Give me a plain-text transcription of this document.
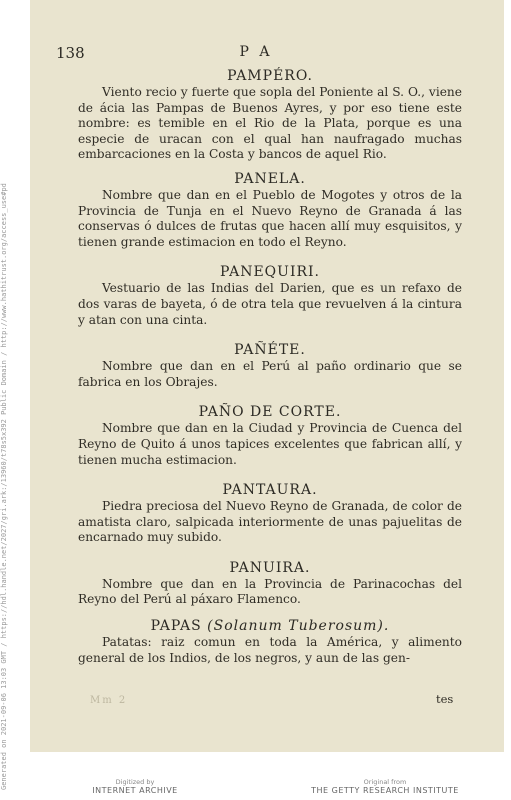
Generated on 2021-09-06 13:03 GMT / https://hdl.handle.net/2027/gri.ark:/13960/t78s5x392 Public Domain / http://www.hathitrust.org/access_use#pd
138	P A
PAMPÉRO.
Viento recio y fuerte que sopla del Poniente al S. O., viene de ácia las Pampas de Buenos Ayres, y por eso tiene este nombre: es temible en el Rio de la Plata, porque es una especie de uracan con el qual han naufragado muchas embarcaciones en la Costa y bancos de aquel Rio.
PANELA.
Nombre que dan en el Pueblo de Mogotes y otros de la Provincia de Tunja en el Nuevo Reyno de Granada á las conservas ó dulces de frutas que hacen allí muy esquisitos, y tienen grande estimacion en todo el Reyno.
PANEQUIRI.
Vestuario de las Indias del Darien, que es un refaxo de dos varas de bayeta, ó de otra tela que revuelven á la cintura y atan con una cinta.
PAÑÉTE.
Nombre que dan en el Perú al paño ordinario que se fabrica en los Obrajes.
PAÑO DE CORTE.
Nombre que dan en la Ciudad y Provincia de Cuenca del Reyno de Quito á unos tapices excelentes que fabrican allí, y tienen mucha estimacion.
PANTAURA.
Piedra preciosa del Nuevo Reyno de Granada, de color de amatista claro, salpicada interiormente de unas pajuelitas de encarnado muy subido.
PANUIRA.
Nombre que dan en la Provincia de Parinacochas del Reyno del Perú al páxaro Flamenco.
PAPAS (Solanum Tuberosum).
Patatas: raiz comun en toda la América, y alimento general de los Indios, de los negros, y aun de las gen-
Mm 2	tes
Digitized by
INTERNET ARCHIVE
Original from
THE GETTY RESEARCH INSTITUTE
